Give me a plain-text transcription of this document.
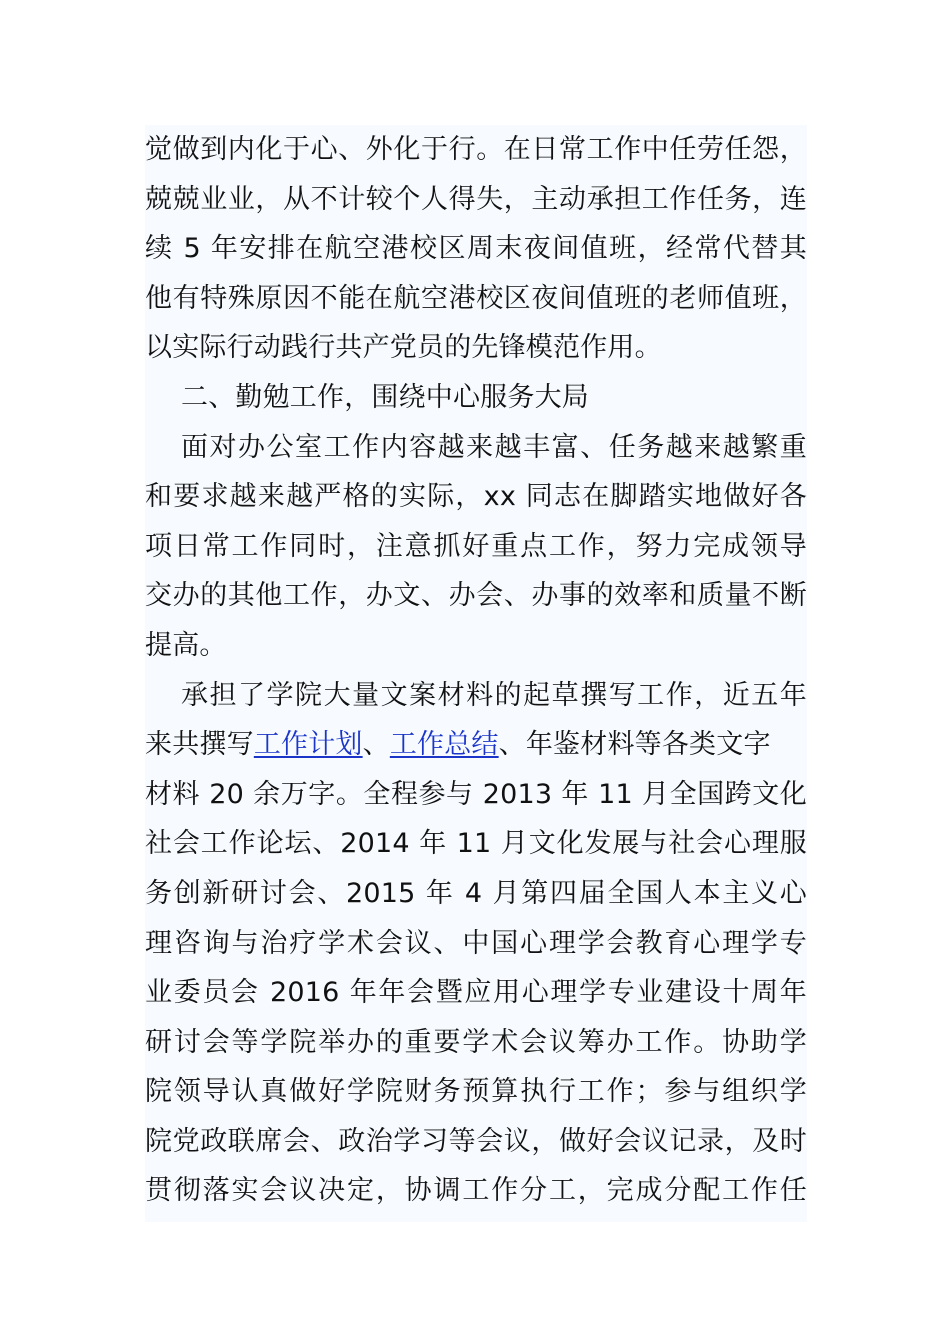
觉做到内化于心、外化于行。在日常工作中任劳任怨，
兢兢业业，从不计较个人得失，主动承担工作任务，连
续 5 年安排在航空港校区周末夜间值班，经常代替其
他有特殊原因不能在航空港校区夜间值班的老师值班，
以实际行动践行共产党员的先锋模范作用。
二、勤勉工作，围绕中心服务大局
面对办公室工作内容越来越丰富、任务越来越繁重
和要求越来越严格的实际，xx 同志在脚踏实地做好各
项日常工作同时，注意抓好重点工作，努力完成领导
交办的其他工作，办文、办会、办事的效率和质量不断
提高。
承担了学院大量文案材料的起草撰写工作，近五年
来共撰写工作计划、工作总结、年鉴材料等各类文字
材料 20 余万字。全程参与 2013 年 11 月全国跨文化
社会工作论坛、2014 年 11 月文化发展与社会心理服
务创新研讨会、2015 年 4 月第四届全国人本主义心
理咨询与治疗学术会议、中国心理学会教育心理学专
业委员会 2016 年年会暨应用心理学专业建设十周年
研讨会等学院举办的重要学术会议筹办工作。协助学
院领导认真做好学院财务预算执行工作；参与组织学
院党政联席会、政治学习等会议，做好会议记录，及时
贯彻落实会议决定，协调工作分工，完成分配工作任
